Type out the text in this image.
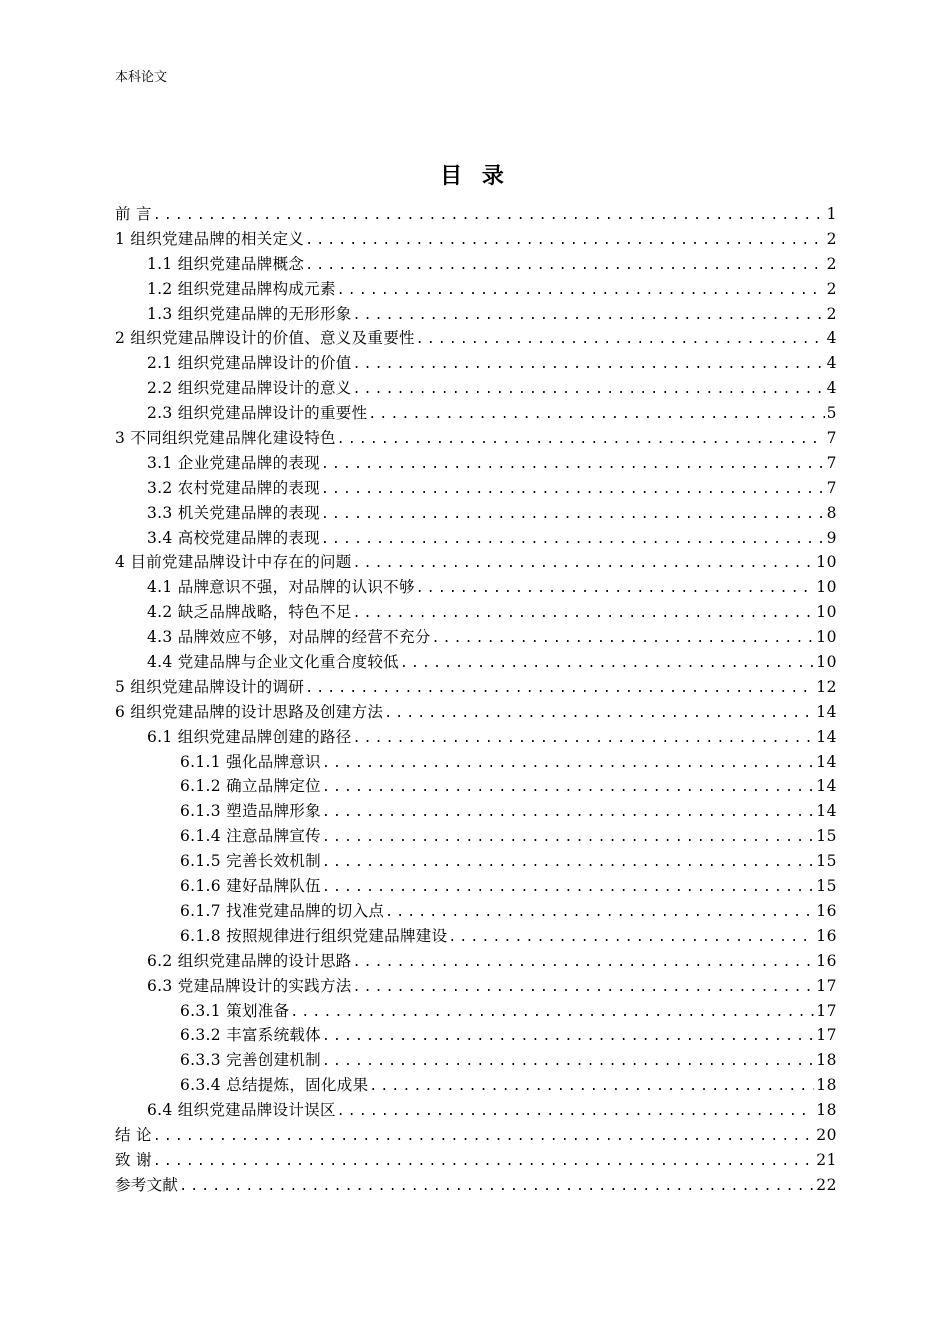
本科论文
目 录
前 言 .....	1
1 组织党建品牌的相关定义 .....	2
1.1 组织党建品牌概念 .....	2
1.2 组织党建品牌构成元素 .....	2
1.3 组织党建品牌的无形形象 .....	2
2 组织党建品牌设计的价值、意义及重要性 .....	4
2.1 组织党建品牌设计的价值 .....	4
2.2 组织党建品牌设计的意义 .....	4
2.3 组织党建品牌设计的重要性 .....	5
3 不同组织党建品牌化建设特色 .....	7
3.1 企业党建品牌的表现 .....	7
3.2 农村党建品牌的表现 .....	7
3.3 机关党建品牌的表现 .....	8
3.4 高校党建品牌的表现 .....	9
4 目前党建品牌设计中存在的问题 .....	10
4.1 品牌意识不强，对品牌的认识不够 .....	10
4.2 缺乏品牌战略，特色不足 .....	10
4.3 品牌效应不够，对品牌的经营不充分 .....	10
4.4 党建品牌与企业文化重合度较低 .....	10
5 组织党建品牌设计的调研 .....	12
6 组织党建品牌的设计思路及创建方法 .....	14
6.1 组织党建品牌创建的路径 .....	14
6.1.1 强化品牌意识 .....	14
6.1.2 确立品牌定位 .....	14
6.1.3 塑造品牌形象 .....	14
6.1.4 注意品牌宣传 .....	15
6.1.5 完善长效机制 .....	15
6.1.6 建好品牌队伍 .....	15
6.1.7 找准党建品牌的切入点 .....	16
6.1.8 按照规律进行组织党建品牌建设 .....	16
6.2 组织党建品牌的设计思路 .....	16
6.3 党建品牌设计的实践方法 .....	17
6.3.1 策划准备 .....	17
6.3.2 丰富系统载体 .....	17
6.3.3 完善创建机制 .....	18
6.3.4 总结提炼，固化成果 .....	18
6.4 组织党建品牌设计误区 .....	18
结 论 .....	20
致 谢 .....	21
参考文献 .....	22
